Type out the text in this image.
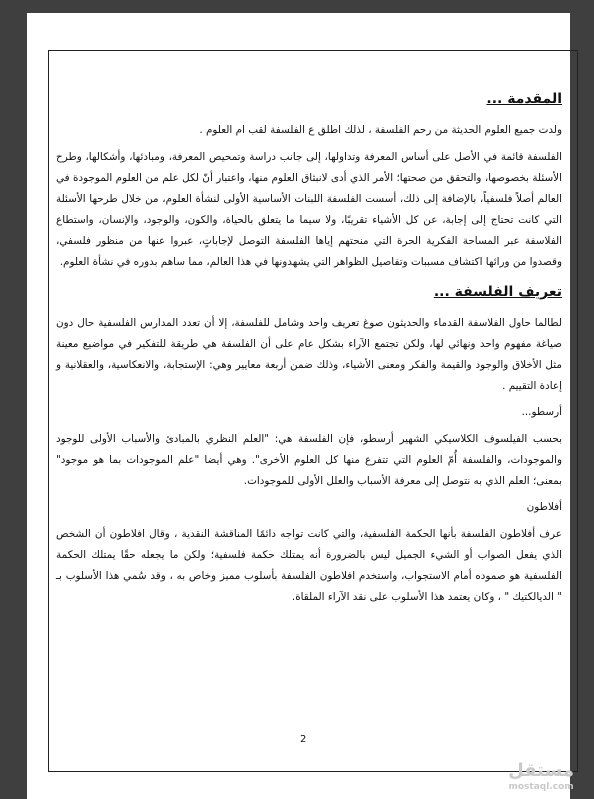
المقدمة ...

ولدت جميع العلوم الحديثة من رحم الفلسفة ، لذلك اطلق ع الفلسفة لقب ام العلوم .

الفلسفة قائمة في الأصل على أساس المعرفة وتداولها، إلى جانب دراسة وتمحيص المعرفة، ومبادئها، وأشكالها، وطرح الأسئلة بخصوصها، والتحقق من صحتها؛ الأمر الذي أدى لانبثاق العلوم منها، واعتبار أنّ لكل علم من العلوم الموجودة في العالم أصلاً فلسفياً، بالإضافة إلى ذلك، أسست الفلسفة اللبنات الأساسية الأولى لنشأة العلوم، من خلال طرحها الأسئلة التي كانت تحتاج إلى إجابة، عن كل الأشياء تقريبًا، ولا سيما ما يتعلق بالحياة، والكون، والوجود، والإنسان، واستطاع الفلاسفة عبر المساحة الفكرية الحرة التي منحتهم إياها الفلسفة التوصل لإجاباتٍ، عبروا عنها من منظور فلسفي، وقصدوا من ورائها اكتشاف مسببات وتفاصيل الظواهر التي يشهدونها في هذا العالم، مما ساهم بدوره في نشأة العلوم.

تعريف الفلسفة ...

لطالما حاول الفلاسفة القدماء والحديثون صوغ تعريف واحد وشامل للفلسفة، إلا أن تعدد المدارس الفلسفية حال دون صياغة مفهوم واحد ونهائي لها، ولكن تجتمع الآراء بشكل عام على أن الفلسفة هي طريقة للتفكير في مواضيع معينة مثل الأخلاق والوجود والقيمة والفكر ومعنى الأشياء، وذلك ضمن أربعة معايير وهي: الإستجابة، والانعكاسية، والعقلانية و إعادة التقييم .

أرسطو...

بحسب الفيلسوف الكلاسيكي الشهير أرسطو، فإن الفلسفة هي: "العلم النظري بالمبادئ والأسباب الأولى للوجود والموجودات، والفلسفة أُمّ العلوم التي تتفرع منها كل العلوم الأخرى". وهي أيضا "علم الموجودات بما هو موجود" بمعنى؛ العلم الذي به نتوصل إلى معرفة الأسباب والعلل الأولى للموجودات.

أفلاطون

عرف أفلاطون الفلسفة بأنها الحكمة الفلسفية، والتي كانت تواجه دائمًا المناقشة النقدية ، وقال افلاطون أن الشخص الذي يفعل الصواب أو الشيء الجميل ليس بالضرورة أنه يمتلك حكمة فلسفية؛ ولكن ما يجعله حقًا يمتلك الحكمة الفلسفية هو صموده أمام الاستجواب، واستخدم افلاطون الفلسفة بأسلوب مميز وخاص به ، وقد سُمي هذا الأسلوب بـ " الديالكتيك " ، وكان يعتمد هذا الأسلوب على نقد الآراء الملقاة.

2
مستقل
mostaql.com
